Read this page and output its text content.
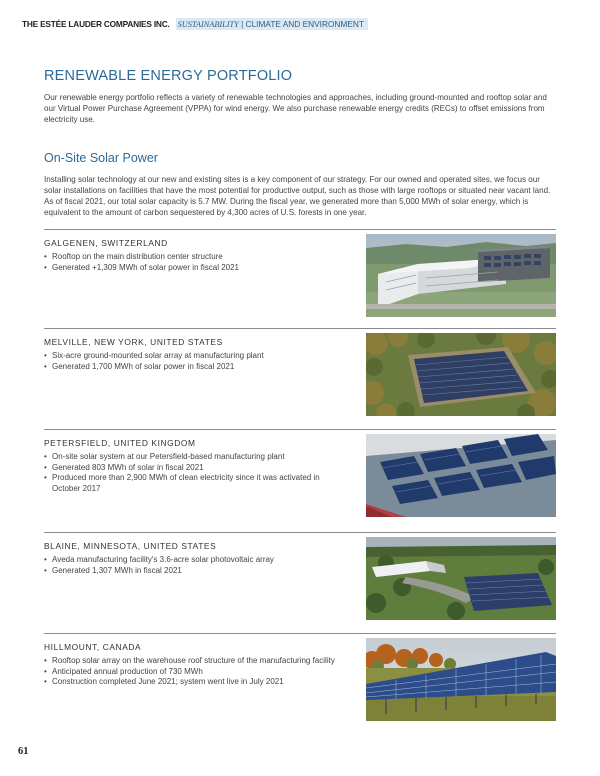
THE ESTÉE LAUDER COMPANIES INC. SUSTAINABILITY | CLIMATE AND ENVIRONMENT
RENEWABLE ENERGY PORTFOLIO

Our renewable energy portfolio reflects a variety of renewable technologies and approaches, including ground-mounted and rooftop solar and our Virtual Power Purchase Agreement (VPPA) for wind energy. We also purchase renewable energy credits (RECs) to offset emissions from electricity use.

On-Site Solar Power

Installing solar technology at our new and existing sites is a key component of our strategy. For our owned and operated sites, we focus our solar installations on facilities that have the most potential for productive output, such as those with large rooftops or situated near vacant land. As of fiscal 2021, our total solar capacity is 5.7 MW. During the fiscal year, we generated more than 5,000 MWh of solar energy, which is equivalent to the amount of carbon sequestered by 4,300 acres of U.S. forests in one year.

GALGENEN, SWITZERLAND
• Rooftop on the main distribution center structure
• Generated +1,309 MWh of solar power in fiscal 2021
MELVILLE, NEW YORK, UNITED STATES
• Six-acre ground-mounted solar array at manufacturing plant
• Generated 1,700 MWh of solar power in fiscal 2021
PETERSFIELD, UNITED KINGDOM
• On-site solar system at our Petersfield-based manufacturing plant
• Generated 803 MWh of solar in fiscal 2021
• Produced more than 2,900 MWh of clean electricity since it was activated in October 2017
BLAINE, MINNESOTA, UNITED STATES
• Aveda manufacturing facility's 3.6-acre solar photovoltaic array
• Generated 1,307 MWh in fiscal 2021
HILLMOUNT, CANADA
• Rooftop solar array on the warehouse roof structure of the manufacturing facility
• Anticipated annual production of 730 MWh
• Construction completed June 2021; system went live in July 2021
61
